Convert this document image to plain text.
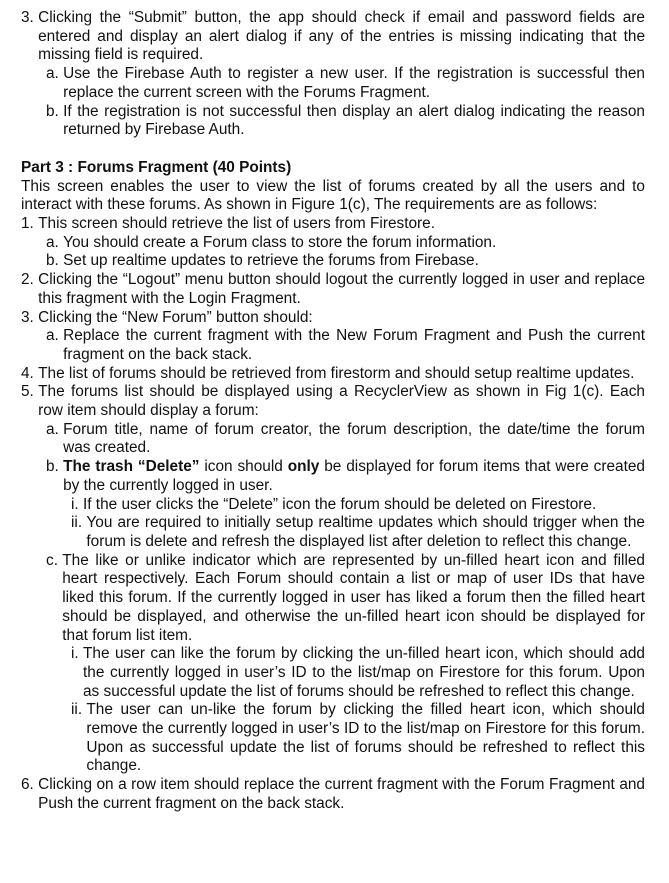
3. Clicking the “Submit” button, the app should check if email and password fields are entered and display an alert dialog if any of the entries is missing indicating that the missing field is required.
a. Use the Firebase Auth to register a new user. If the registration is successful then replace the current screen with the Forums Fragment.
b. If the registration is not successful then display an alert dialog indicating the reason returned by Firebase Auth.
Part 3 : Forums Fragment (40 Points)
This screen enables the user to view the list of forums created by all the users and to interact with these forums. As shown in Figure 1(c), The requirements are as follows:
1. This screen should retrieve the list of users from Firestore.
a. You should create a Forum class to store the forum information.
b. Set up realtime updates to retrieve the forums from Firebase.
2. Clicking the “Logout” menu button should logout the currently logged in user and replace this fragment with the Login Fragment.
3. Clicking the “New Forum” button should:
a. Replace the current fragment with the New Forum Fragment and Push the current fragment on the back stack.
4. The list of forums should be retrieved from firestorm and should setup realtime updates.
5. The forums list should be displayed using a RecyclerView as shown in Fig 1(c). Each row item should display a forum:
a. Forum title, name of forum creator, the forum description, the date/time the forum was created.
b. The trash “Delete” icon should only be displayed for forum items that were created by the currently logged in user.
i. If the user clicks the “Delete” icon the forum should be deleted on Firestore.
ii. You are required to initially setup realtime updates which should trigger when the forum is delete and refresh the displayed list after deletion to reflect this change.
c. The like or unlike indicator which are represented by un-filled heart icon and filled heart respectively. Each Forum should contain a list or map of user IDs that have liked this forum. If the currently logged in user has liked a forum then the filled heart should be displayed, and otherwise the un-filled heart icon should be displayed for that forum list item.
i. The user can like the forum by clicking the un-filled heart icon, which should add the currently logged in user’s ID to the list/map on Firestore for this forum. Upon as successful update the list of forums should be refreshed to reflect this change.
ii. The user can un-like the forum by clicking the filled heart icon, which should remove the currently logged in user’s ID to the list/map on Firestore for this forum. Upon as successful update the list of forums should be refreshed to reflect this change.
6. Clicking on a row item should replace the current fragment with the Forum Fragment and Push the current fragment on the back stack.
